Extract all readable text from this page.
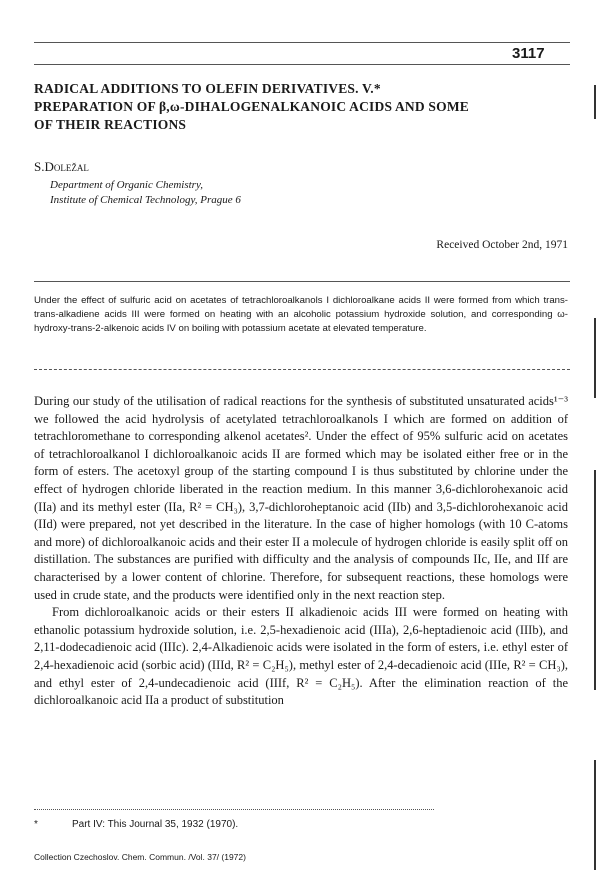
3117
RADICAL ADDITIONS TO OLEFIN DERIVATIVES. V.*
PREPARATION OF β,ω-DIHALOGENALKANOIC ACIDS AND SOME
OF THEIR REACTIONS
S.Doležal
Department of Organic Chemistry,
Institute of Chemical Technology, Prague 6
Received October 2nd, 1971
Under the effect of sulfuric acid on acetates of tetrachloroalkanols I dichloroalkane acids II were formed from which trans-trans-alkadiene acids III were formed on heating with an alcoholic potassium hydroxide solution, and corresponding ω-hydroxy-trans-2-alkenoic acids IV on boiling with potassium acetate at elevated temperature.

During our study of the utilisation of radical reactions for the synthesis of substituted unsaturated acids¹⁻³ we followed the acid hydrolysis of acetylated tetrachloroalkanols I which are formed on addition of tetrachloromethane to corresponding alkenol acetates². Under the effect of 95% sulfuric acid on acetates of tetrachloroalkanol I dichloroalkanoic acids II are formed which may be isolated either free or in the form of esters. The acetoxyl group of the starting compound I is thus substituted by chlorine under the effect of hydrogen chloride liberated in the reaction medium. In this manner 3,6-dichlorohexanoic acid (IIa) and its methyl ester (IIa, R² = CH₃), 3,7-dichloroheptanoic acid (IIb) and 3,5-dichlorohexanoic acid (IId) were prepared, not yet described in the literature. In the case of higher homologs (with 10 C-atoms and more) of dichloroalkanoic acids and their ester II a molecule of hydrogen chloride is easily split off on distillation. The substances are purified with difficulty and the analysis of compounds IIc, IIe, and IIf are characterised by a lower content of chlorine. Therefore, for subsequent reactions, these homologs were used in crude state, and the products were identified only in the next reaction step.

From dichloroalkanoic acids or their esters II alkadienoic acids III were formed on heating with ethanolic potassium hydroxide solution, i.e. 2,5-hexadienoic acid (IIIa), 2,6-heptadienoic acid (IIIb), and 2,11-dodecadienoic acid (IIIc). 2,4-Alkadienoic acids were isolated in the form of esters, i.e. ethyl ester of 2,4-hexadienoic acid (sorbic acid) (IIId, R² = C₂H₅), methyl ester of 2,4-decadienoic acid (IIIe, R² = CH₃), and ethyl ester of 2,4-undecadienoic acid (IIIf, R² = C₂H₅). After the elimination reaction of the dichloroalkanoic acid IIa a product of substitution

*	Part IV: This Journal 35, 1932 (1970).
Collection Czechoslov. Chem. Commun. /Vol. 37/ (1972)
